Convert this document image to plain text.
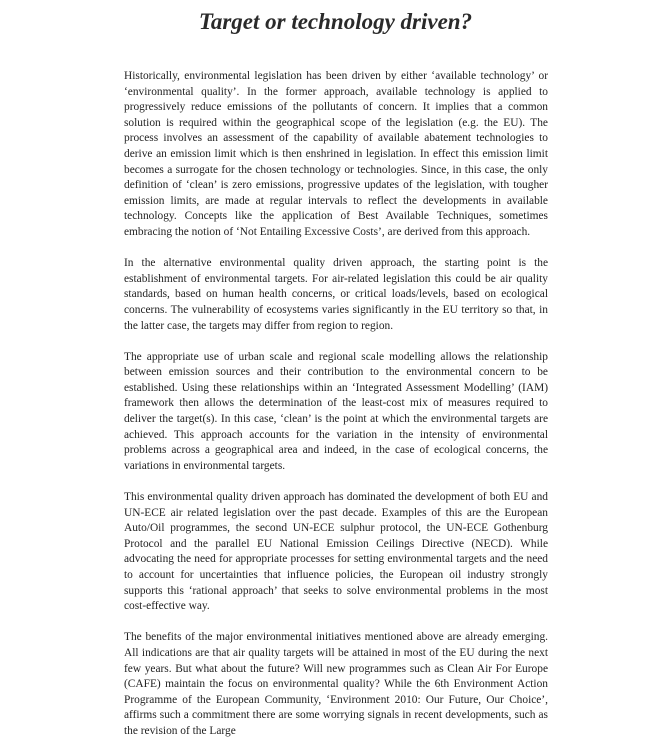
Target or technology driven?

Historically, environmental legislation has been driven by either ‘available technology’ or ‘environmental quality’. In the former approach, available technology is applied to progressively reduce emissions of the pollutants of concern. It implies that a common solution is required within the geographical scope of the legislation (e.g. the EU). The process involves an assessment of the capability of available abatement technologies to derive an emission limit which is then enshrined in legislation. In effect this emission limit becomes a surrogate for the chosen technology or technologies. Since, in this case, the only definition of ‘clean’ is zero emissions, progressive updates of the legislation, with tougher emission limits, are made at regular intervals to reflect the developments in available technology. Concepts like the application of Best Available Techniques, sometimes embracing the notion of ‘Not Entailing Excessive Costs’, are derived from this approach.

In the alternative environmental quality driven approach, the starting point is the establishment of environmental targets. For air-related legislation this could be air quality standards, based on human health concerns, or critical loads/levels, based on ecological concerns. The vulnerability of ecosystems varies significantly in the EU territory so that, in the latter case, the targets may differ from region to region.

The appropriate use of urban scale and regional scale modelling allows the relationship between emission sources and their contribution to the environmental concern to be established. Using these relationships within an ‘Integrated Assessment Modelling’ (IAM) framework then allows the determination of the least-cost mix of measures required to deliver the target(s). In this case, ‘clean’ is the point at which the environmental targets are achieved. This approach accounts for the variation in the intensity of environmental problems across a geographical area and indeed, in the case of ecological concerns, the variations in environmental targets.

This environmental quality driven approach has dominated the development of both EU and UN-ECE air related legislation over the past decade. Examples of this are the European Auto/Oil programmes, the second UN-ECE sulphur protocol, the UN-ECE Gothenburg Protocol and the parallel EU National Emission Ceilings Directive (NECD). While advocating the need for appropriate processes for setting environmental targets and the need to account for uncertainties that influence policies, the European oil industry strongly supports this ‘rational approach’ that seeks to solve environmental problems in the most cost-effective way.

The benefits of the major environmental initiatives mentioned above are already emerging. All indications are that air quality targets will be attained in most of the EU during the next few years. But what about the future? Will new programmes such as Clean Air For Europe (CAFE) maintain the focus on environmental quality? While the 6th Environment Action Programme of the European Community, ‘Environment 2010: Our Future, Our Choice’, affirms such a commitment there are some worrying signals in recent developments, such as the revision of the Large
